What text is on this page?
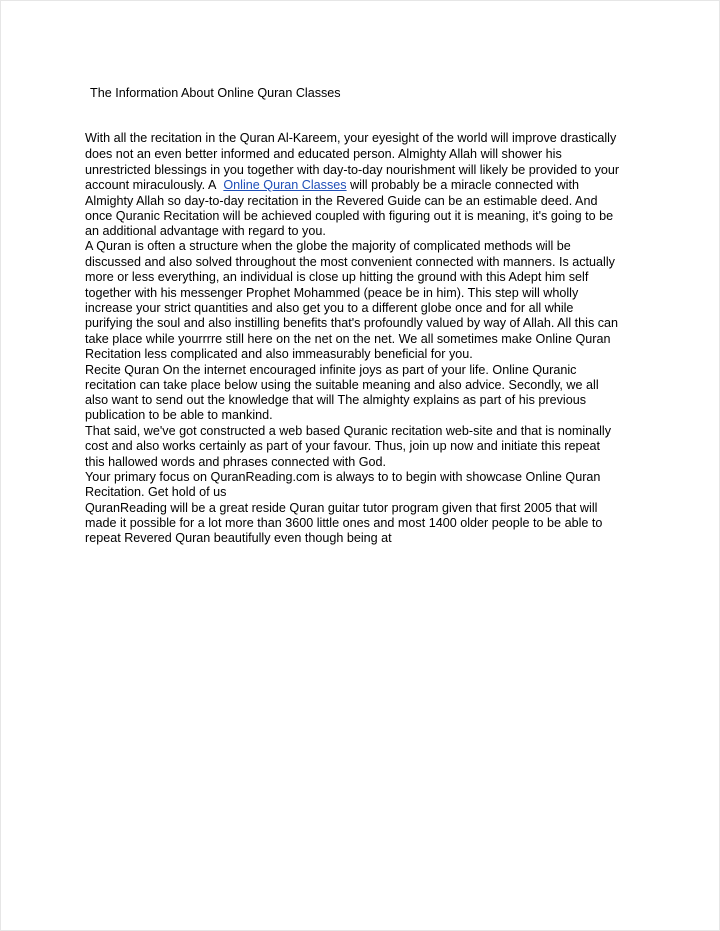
The Information About Online Quran Classes
With all the recitation in the Quran Al-Kareem, your eyesight of the world will improve drastically
does not an even better informed and educated person. Almighty Allah will shower his
unrestricted blessings in you together with day-to-day nourishment will likely be provided to your
account miraculously. A Online Quran Classes will probably be a miracle connected with
Almighty Allah so day-to-day recitation in the Revered Guide can be an estimable deed. And
once Quranic Recitation will be achieved coupled with figuring out it is meaning, it's going to be
an additional advantage with regard to you.
A Quran is often a structure when the globe the majority of complicated methods will be
discussed and also solved throughout the most convenient connected with manners. Is actually
more or less everything, an individual is close up hitting the ground with this Adept him self
together with his messenger Prophet Mohammed (peace be in him). This step will wholly
increase your strict quantities and also get you to a different globe once and for all while
purifying the soul and also instilling benefits that's profoundly valued by way of Allah. All this can
take place while yourrrre still here on the net on the net. We all sometimes make Online Quran
Recitation less complicated and also immeasurably beneficial for you.
Recite Quran On the internet encouraged infinite joys as part of your life. Online Quranic
recitation can take place below using the suitable meaning and also advice. Secondly, we all
also want to send out the knowledge that will The almighty explains as part of his previous
publication to be able to mankind.
That said, we've got constructed a web based Quranic recitation web-site and that is nominally
cost and also works certainly as part of your favour. Thus, join up now and initiate this repeat
this hallowed words and phrases connected with God.
Your primary focus on QuranReading.com is always to to begin with showcase Online Quran
Recitation. Get hold of us
QuranReading will be a great reside Quran guitar tutor program given that first 2005 that will
made it possible for a lot more than 3600 little ones and most 1400 older people to be able to
repeat Revered Quran beautifully even though being at
